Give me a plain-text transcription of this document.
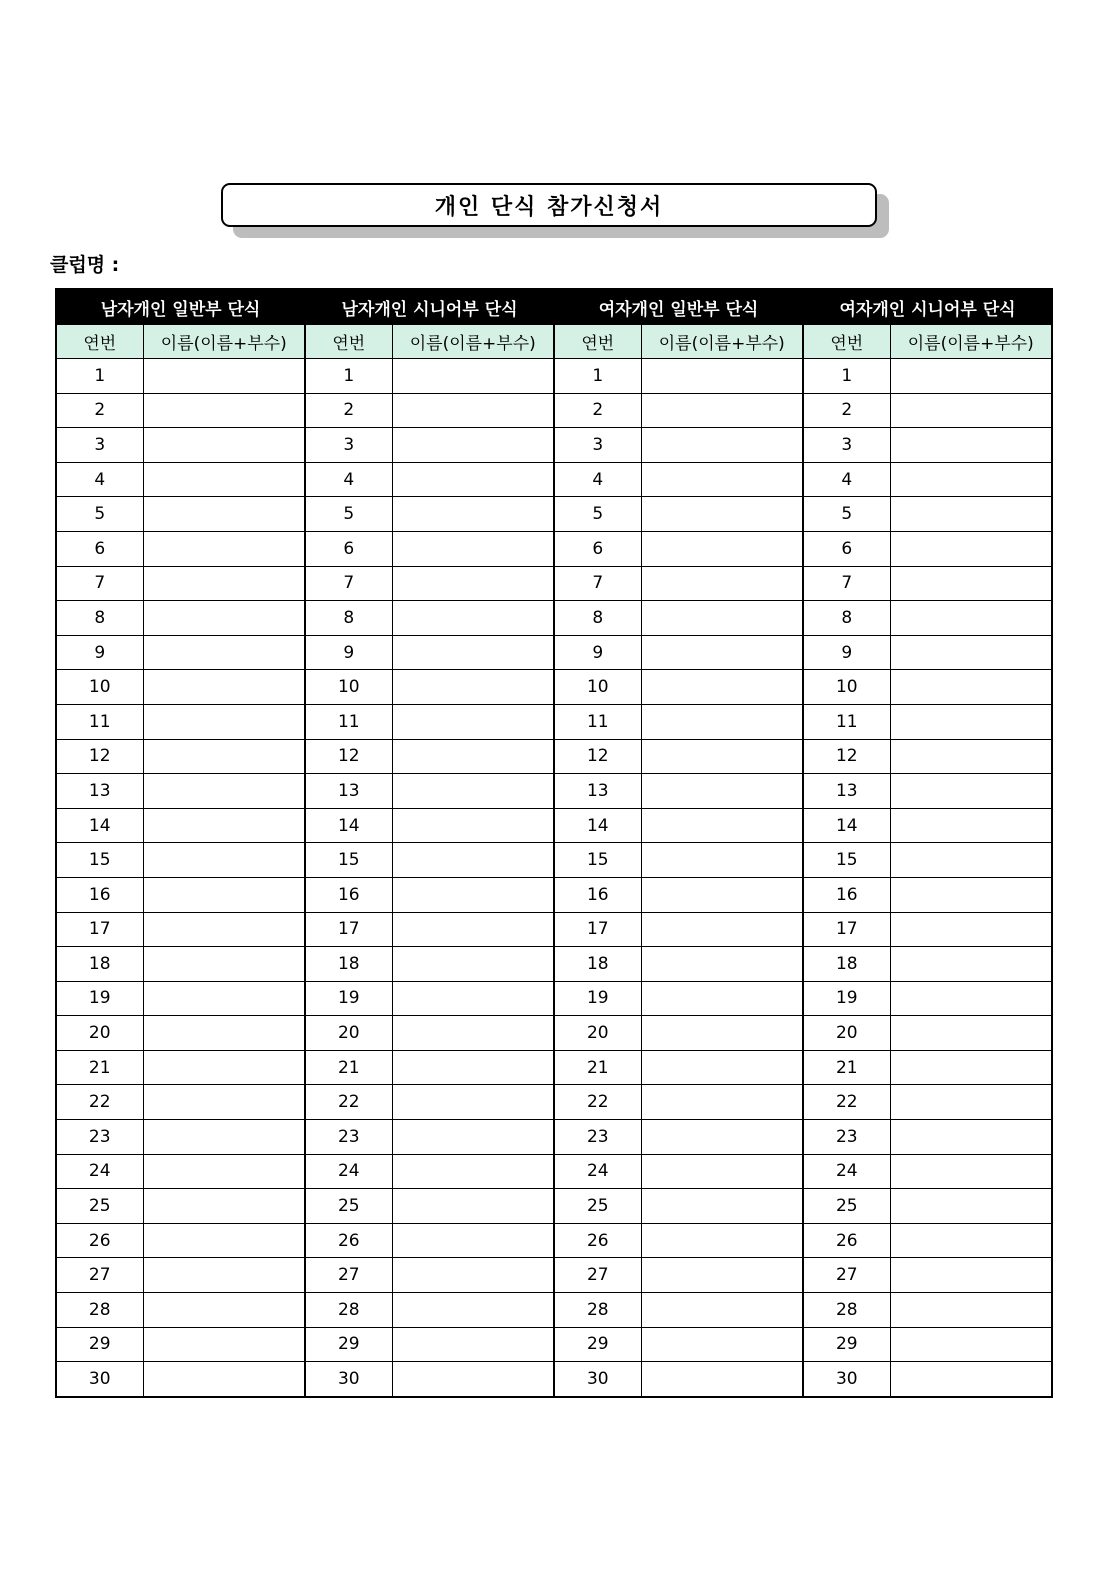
개인 단식 참가신청서
클럽명 :
남자개인 일반부 단식		남자개인 시니어부 단식		여자개인 일반부 단식		여자개인 시니어부 단식	
연번	이름(이름+부수)	연번	이름(이름+부수)	연번	이름(이름+부수)	연번	이름(이름+부수)
1		1		1		1	
2		2		2		2	
3		3		3		3	
4		4		4		4	
5		5		5		5	
6		6		6		6	
7		7		7		7	
8		8		8		8	
9		9		9		9	
10		10		10		10	
11		11		11		11	
12		12		12		12	
13		13		13		13	
14		14		14		14	
15		15		15		15	
16		16		16		16	
17		17		17		17	
18		18		18		18	
19		19		19		19	
20		20		20		20	
21		21		21		21	
22		22		22		22	
23		23		23		23	
24		24		24		24	
25		25		25		25	
26		26		26		26	
27		27		27		27	
28		28		28		28	
29		29		29		29	
30		30		30		30	
